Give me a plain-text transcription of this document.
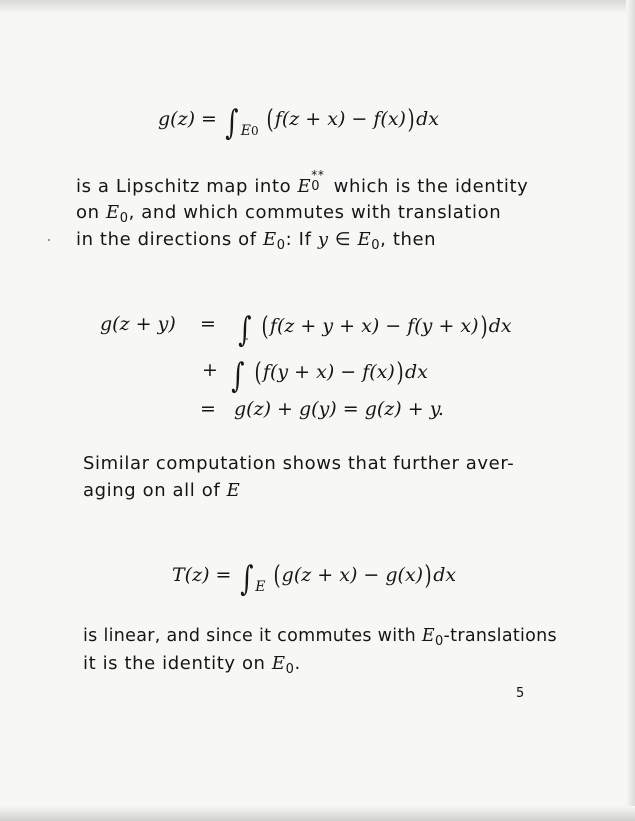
g(z) = ∫ $_{E0}$ (f(z + x) − f(x))dx
is a Lipschitz map into E
**
0 which is the identity
on $E_0$, and which commutes with translation
in the directions of $E_0$: If y ∈ $E_0$, then
g(z + y) = ∫ (f(z + y + x) − f(y + x))dx
+ ∫ (f(y + x) − f(x))dx
= g(z) + g(y) = g(z) + y.
Similar computation shows that further aver-
aging on all of E
T(z) = ∫ $_E$ (g(z + x) − g(x))dx
is linear, and since it commutes with $E_0$-translations
it is the identity on $E_0$.
5
